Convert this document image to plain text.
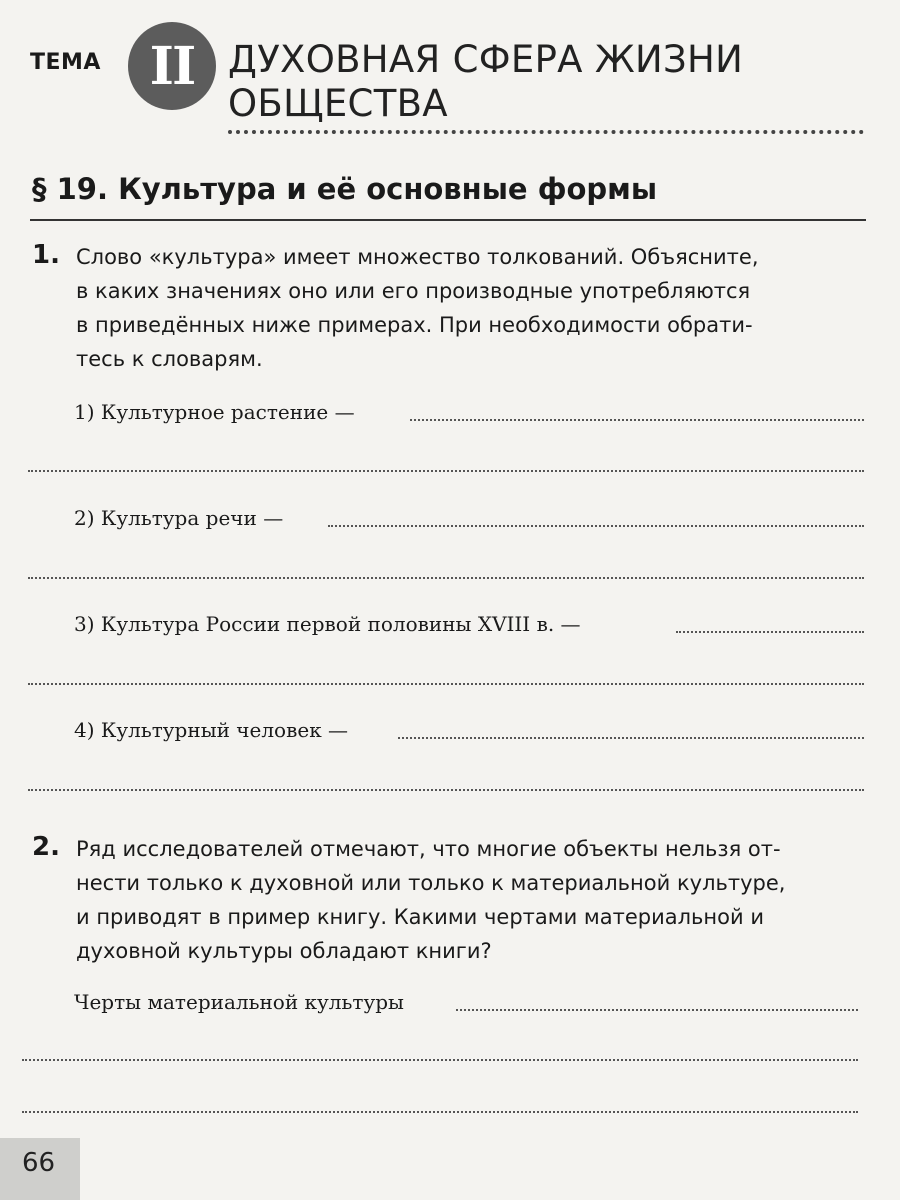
ТЕМА II ДУХОВНАЯ СФЕРА ЖИЗНИ
ОБЩЕСТВА
§ 19. Культура и её основные формы
1. Слово «культура» имеет множество толкований. Объясните,
в каких значениях оно или его производные употребляются
в приведённых ниже примерах. При необходимости обрати-
тесь к словарям.
1) Культурное растение —
2) Культура речи —
3) Культура России первой половины XVIII в. —
4) Культурный человек —
2. Ряд исследователей отмечают, что многие объекты нельзя от-
нести только к духовной или только к материальной культуре,
и приводят в пример книгу. Какими чертами материальной и
духовной культуры обладают книги?
Черты материальной культуры
66
